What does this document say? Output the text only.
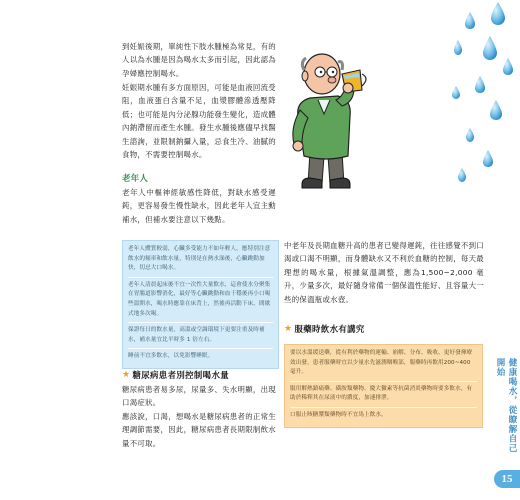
健康喝水，從瞭解自己開始
15

到妊娠後期，單純性下肢水腫極為常見，有的人以為水腫是因為喝水太多而引起，因此認為孕婦應控制喝水。

妊娠期水腫有多方面原因，可能是血液回流受阻，血液蛋白含量不足，血漿膠體滲透壓降低；也可能是內分泌腺功能發生變化，造成體內鈉滯留而產生水腫。發生水腫後應儘早找醫生諮詢，並限制鈉攝入量，忌食生冷、油膩的食物，不需要控制喝水。

老年人

老年人中樞神經敏感性降低，對缺水感受遲鈍，更容易發生慢性缺水，因此老年人宜主動補水，但補水要注意以下幾點。

老年人體質較弱，心臟多受能力不如年輕人，應特別注意飲水的頻率和飲水量，特別是在熱水澡後，心臟跳動加快，切忌大口喝水。
老年人清晨起床後不宜一次性大量飲水，這會使水分聚集在胃腸道影響消化，最好等心臟跳動和血干穩後再小口喝些溫開水，喝水時應靠在床背上，然後再活動下床，間歇式地多次喝。
保證每日的飲水量，高溫或空調環境下更要注重及時補水，補水量宜比平時多 1 倍左右。
睡前不宜多飲水，以免影響睡眠。
★ 糖尿病患者別控制喝水量

糖尿病患者易多尿，尿量多、失水明顯，出現口渴症狀。

應該說，口渴，想喝水是糖尿病患者的正常生理調節需要，因此，糖尿病患者長期限制飲水量不可取。

中老年及長期血糖升高的患者已變得遲鈍，往往感覺不到口渴或口渴不明顯，而身體缺水又不利於血糖的控制，每天最理想的喝水量，根據氣溫調整，應為1,500~2,000 毫升，少量多次，最好隨身常備一個保溫性能好、且容量大一些的保溫瓶或水壺。

★ 服藥時飲水有講究
要以水溫缓送藥，從有利於藥物的運輸、崩解、分布、吸收、更好發揮療效出發，患者服藥時宜以少量水先滋潤咽喉部，服藥時再飲用200~400 毫升。
服用解熱鎮痛藥、磺胺類藥物、慶大黴素等抗菌消炎藥物時要多飲水，有助於稀釋其在尿液中的濃度，加速排泄。
口服止咳糖漿類藥物時不宜馬上飲水。
